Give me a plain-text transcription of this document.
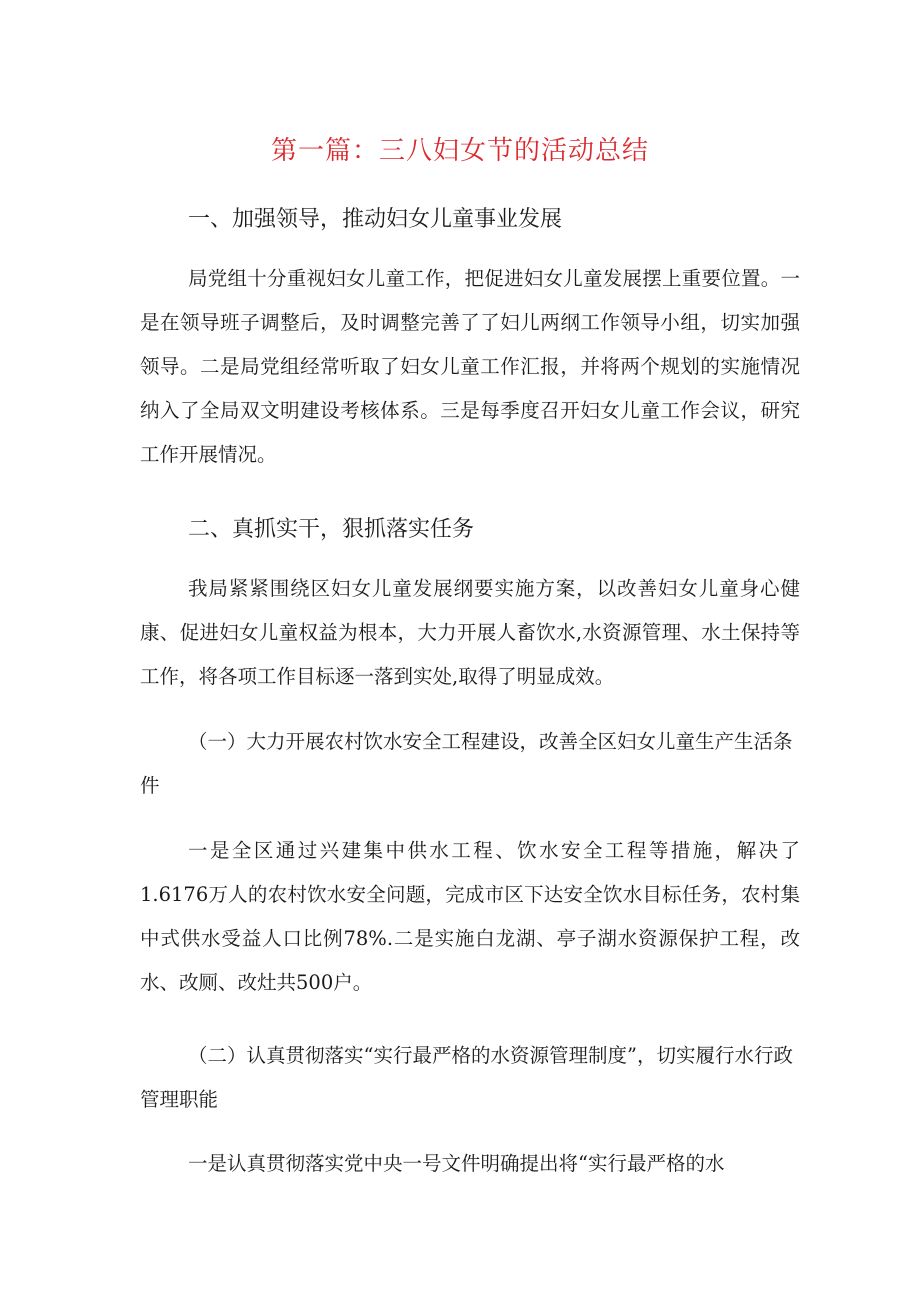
第一篇：三八妇女节的活动总结
一、加强领导，推动妇女儿童事业发展

局党组十分重视妇女儿童工作，把促进妇女儿童发展摆上重要位置。一是在领导班子调整后，及时调整完善了了妇儿两纲工作领导小组，切实加强领导。二是局党组经常听取了妇女儿童工作汇报，并将两个规划的实施情况纳入了全局双文明建设考核体系。三是每季度召开妇女儿童工作会议，研究工作开展情况。

二、真抓实干，狠抓落实任务

我局紧紧围绕区妇女儿童发展纲要实施方案，以改善妇女儿童身心健康、促进妇女儿童权益为根本，大力开展人畜饮水,水资源管理、水土保持等工作，将各项工作目标逐一落到实处,取得了明显成效。

（一）大力开展农村饮水安全工程建设，改善全区妇女儿童生产生活条件

一是全区通过兴建集中供水工程、饮水安全工程等措施，解决了1.6176万人的农村饮水安全问题，完成市区下达安全饮水目标任务，农村集中式供水受益人口比例78%.二是实施白龙湖、亭子湖水资源保护工程，改水、改厕、改灶共500户。

（二）认真贯彻落实“实行最严格的水资源管理制度”，切实履行水行政管理职能

一是认真贯彻落实党中央一号文件明确提出将“实行最严格的水
